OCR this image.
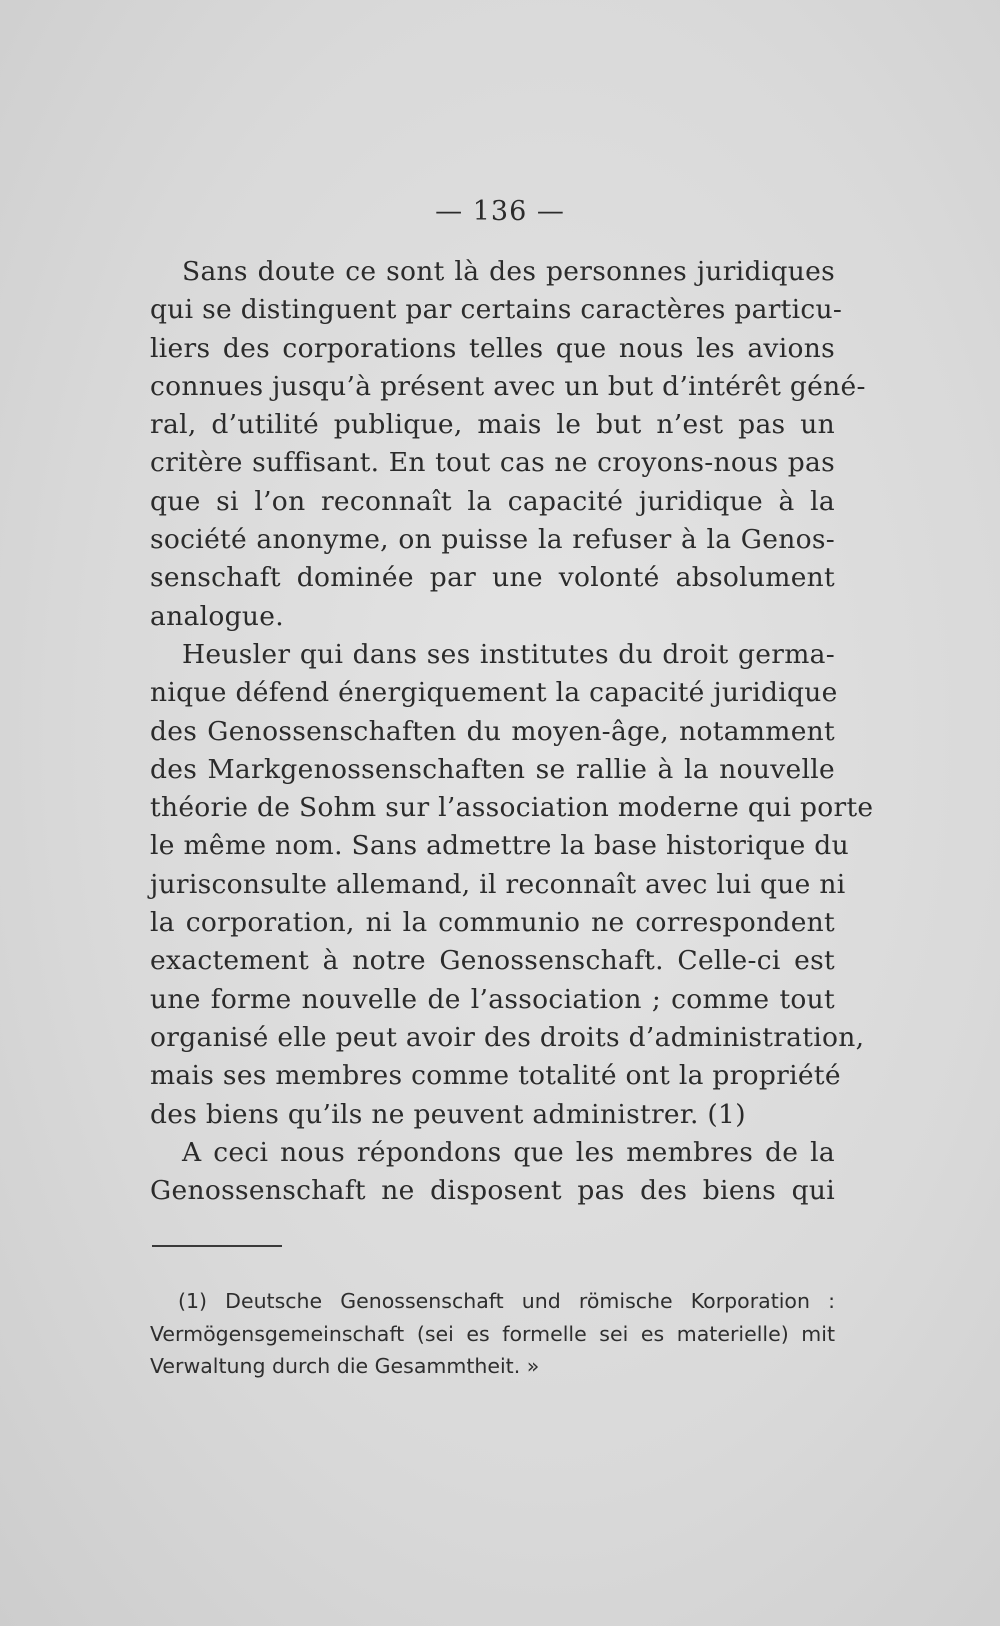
— 136 —
Sans doute ce sont là des personnes juridiques
qui se distinguent par certains caractères particu-
liers des corporations telles que nous les avions
connues jusqu’à présent avec un but d’intérêt géné-
ral, d’utilité publique, mais le but n’est pas un
critère suffisant. En tout cas ne croyons-nous pas
que si l’on reconnaît la capacité juridique à la
société anonyme, on puisse la refuser à la Genos-
senschaft dominée par une volonté absolument
analogue.
Heusler qui dans ses institutes du droit germa-
nique défend énergiquement la capacité juridique
des Genossenschaften du moyen-âge, notamment
des Markgenossenschaften se rallie à la nouvelle
théorie de Sohm sur l’association moderne qui porte
le même nom. Sans admettre la base historique du
jurisconsulte allemand, il reconnaît avec lui que ni
la corporation, ni la communio ne correspondent
exactement à notre Genossenschaft. Celle-ci est
une forme nouvelle de l’association ; comme tout
organisé elle peut avoir des droits d’administration,
mais ses membres comme totalité ont la propriété
des biens qu’ils ne peuvent administrer. (1)
A ceci nous répondons que les membres de la
Genossenschaft ne disposent pas des biens qui
(1) Deutsche Genossenschaft und römische Korporation :
Vermögensgemeinschaft (sei es formelle sei es materielle) mit
Verwaltung durch die Gesammtheit. »
